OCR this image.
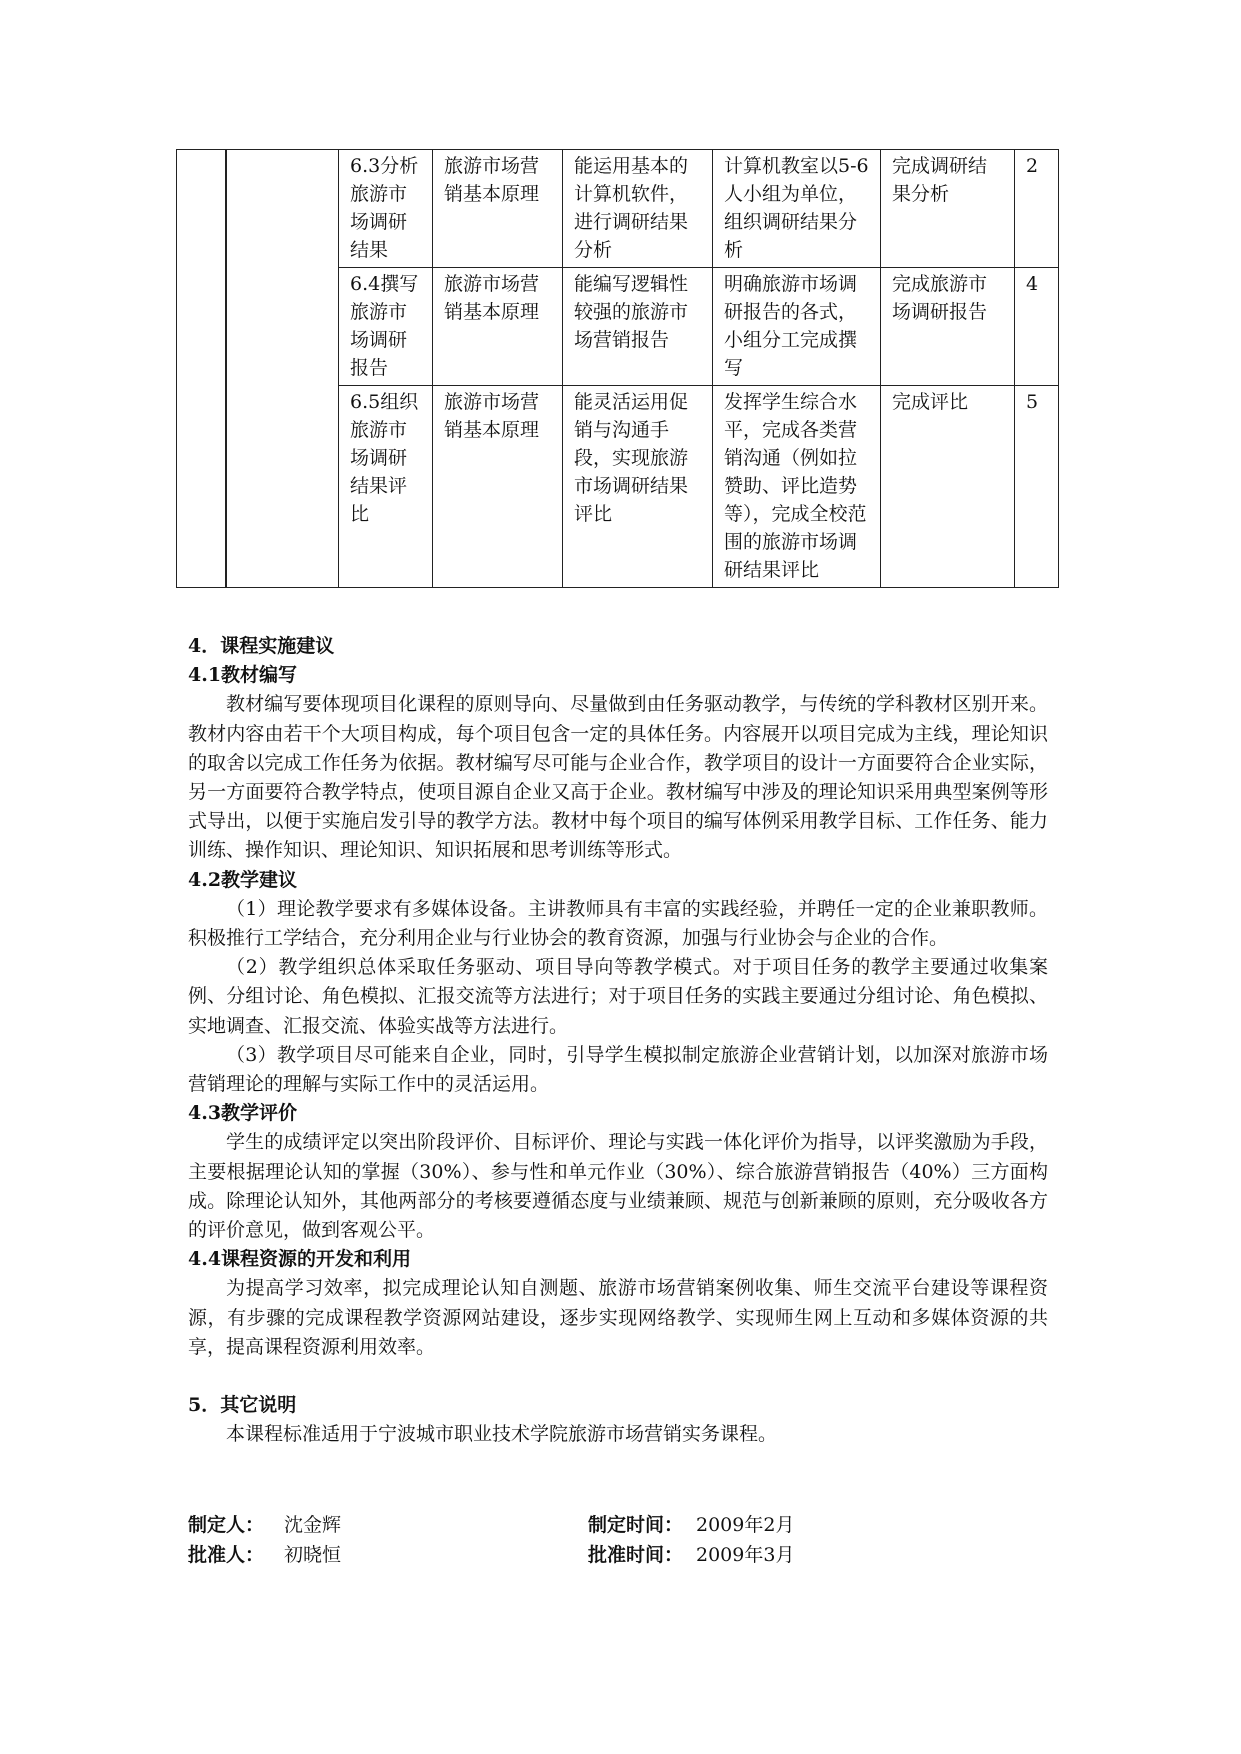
		6.3分析旅游市场调研结果	旅游市场营销基本原理	能运用基本的计算机软件，进行调研结果分析	计算机教室以5-6人小组为单位，组织调研结果分析	完成调研结果分析	2
		6.4撰写旅游市场调研报告	旅游市场营销基本原理	能编写逻辑性较强的旅游市场营销报告	明确旅游市场调研报告的各式，小组分工完成撰写	完成旅游市场调研报告	4
		6.5组织旅游市场调研结果评比	旅游市场营销基本原理	能灵活运用促销与沟通手段，实现旅游市场调研结果评比	发挥学生综合水平，完成各类营销沟通（例如拉赞助、评比造势等），完成全校范围的旅游市场调研结果评比	完成评比	5

4．课程实施建议

4.1教材编写

教材编写要体现项目化课程的原则导向、尽量做到由任务驱动教学，与传统的学科教材区别开来。教材内容由若干个大项目构成，每个项目包含一定的具体任务。内容展开以项目完成为主线，理论知识的取舍以完成工作任务为依据。教材编写尽可能与企业合作，教学项目的设计一方面要符合企业实际，另一方面要符合教学特点，使项目源自企业又高于企业。教材编写中涉及的理论知识采用典型案例等形式导出，以便于实施启发引导的教学方法。教材中每个项目的编写体例采用教学目标、工作任务、能力训练、操作知识、理论知识、知识拓展和思考训练等形式。

4.2教学建议

（1）理论教学要求有多媒体设备。主讲教师具有丰富的实践经验，并聘任一定的企业兼职教师。积极推行工学结合，充分利用企业与行业协会的教育资源，加强与行业协会与企业的合作。

（2）教学组织总体采取任务驱动、项目导向等教学模式。对于项目任务的教学主要通过收集案例、分组讨论、角色模拟、汇报交流等方法进行；对于项目任务的实践主要通过分组讨论、角色模拟、实地调查、汇报交流、体验实战等方法进行。

（3）教学项目尽可能来自企业，同时，引导学生模拟制定旅游企业营销计划，以加深对旅游市场营销理论的理解与实际工作中的灵活运用。

4.3教学评价

学生的成绩评定以突出阶段评价、目标评价、理论与实践一体化评价为指导，以评奖激励为手段，主要根据理论认知的掌握（30%）、参与性和单元作业（30%）、综合旅游营销报告（40%）三方面构成。除理论认知外，其他两部分的考核要遵循态度与业绩兼顾、规范与创新兼顾的原则，充分吸收各方的评价意见，做到客观公平。

4.4课程资源的开发和利用

为提高学习效率，拟完成理论认知自测题、旅游市场营销案例收集、师生交流平台建设等课程资源，有步骤的完成课程教学资源网站建设，逐步实现网络教学、实现师生网上互动和多媒体资源的共享，提高课程资源利用效率。

5．其它说明

本课程标准适用于宁波城市职业技术学院旅游市场营销实务课程。

制定人：	沈金辉	制定时间： 2009年2月
批准人：	初晓恒	批准时间： 2009年3月
